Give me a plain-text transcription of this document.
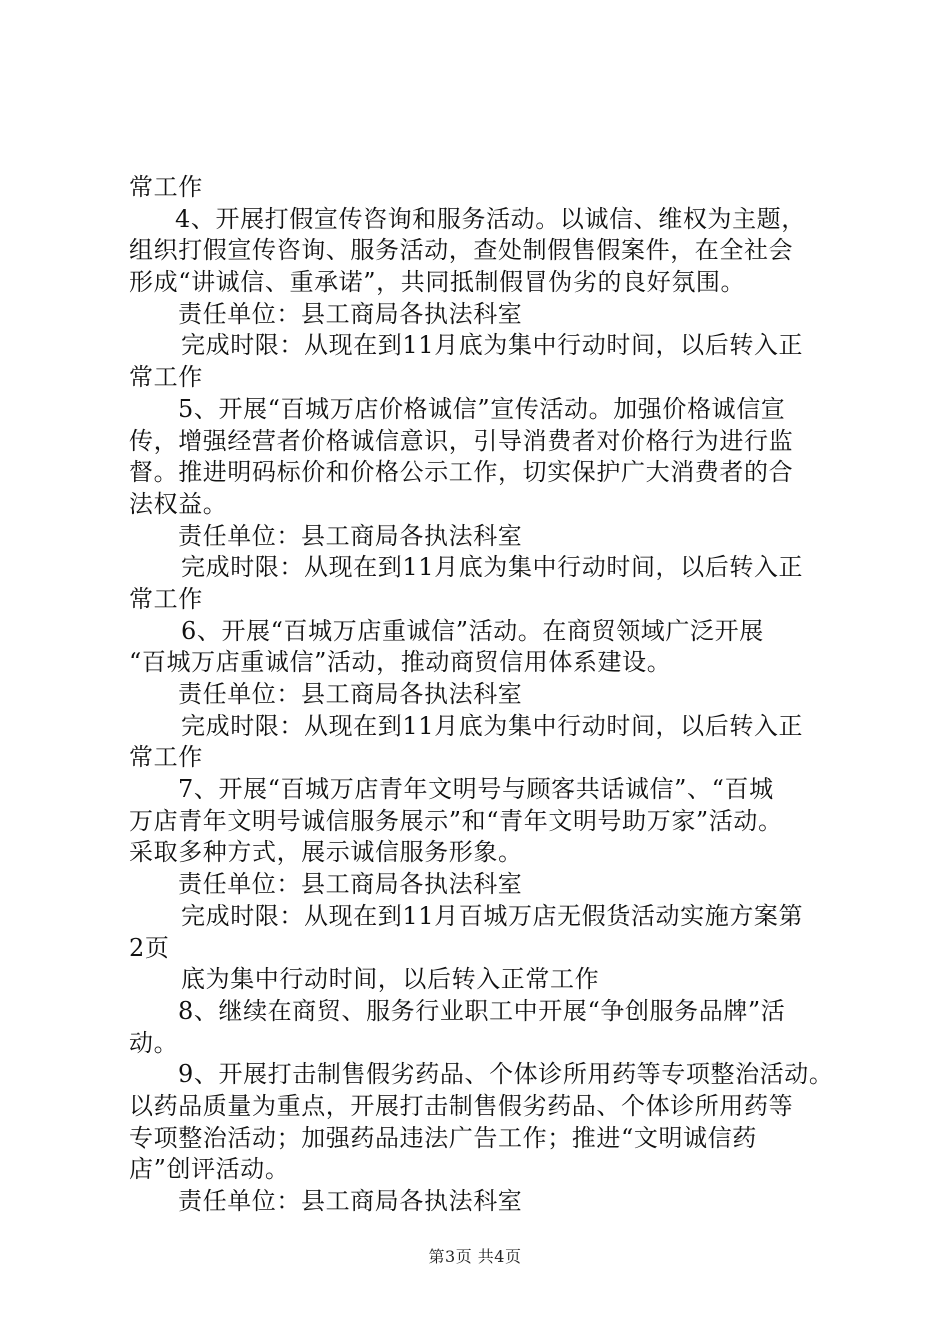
常工作
4、开展打假宣传咨询和服务活动。以诚信、维权为主题，
组织打假宣传咨询、服务活动，查处制假售假案件，在全社会
形成“讲诚信、重承诺”，共同抵制假冒伪劣的良好氛围。
责任单位：县工商局各执法科室
完成时限：从现在到11月底为集中行动时间，以后转入正
常工作
5、开展“百城万店价格诚信”宣传活动。加强价格诚信宣
传，增强经营者价格诚信意识，引导消费者对价格行为进行监
督。推进明码标价和价格公示工作，切实保护广大消费者的合
法权益。
责任单位：县工商局各执法科室
完成时限：从现在到11月底为集中行动时间，以后转入正
常工作
6、开展“百城万店重诚信”活动。在商贸领域广泛开展
“百城万店重诚信”活动，推动商贸信用体系建设。
责任单位：县工商局各执法科室
完成时限：从现在到11月底为集中行动时间，以后转入正
常工作
7、开展“百城万店青年文明号与顾客共话诚信”、“百城
万店青年文明号诚信服务展示”和“青年文明号助万家”活动。
采取多种方式，展示诚信服务形象。
责任单位：县工商局各执法科室
完成时限：从现在到11月百城万店无假货活动实施方案第
2页
底为集中行动时间，以后转入正常工作
8、继续在商贸、服务行业职工中开展“争创服务品牌”活
动。
9、开展打击制售假劣药品、个体诊所用药等专项整治活动。
以药品质量为重点，开展打击制售假劣药品、个体诊所用药等
专项整治活动；加强药品违法广告工作；推进“文明诚信药
店”创评活动。
责任单位：县工商局各执法科室
第3页 共4页
